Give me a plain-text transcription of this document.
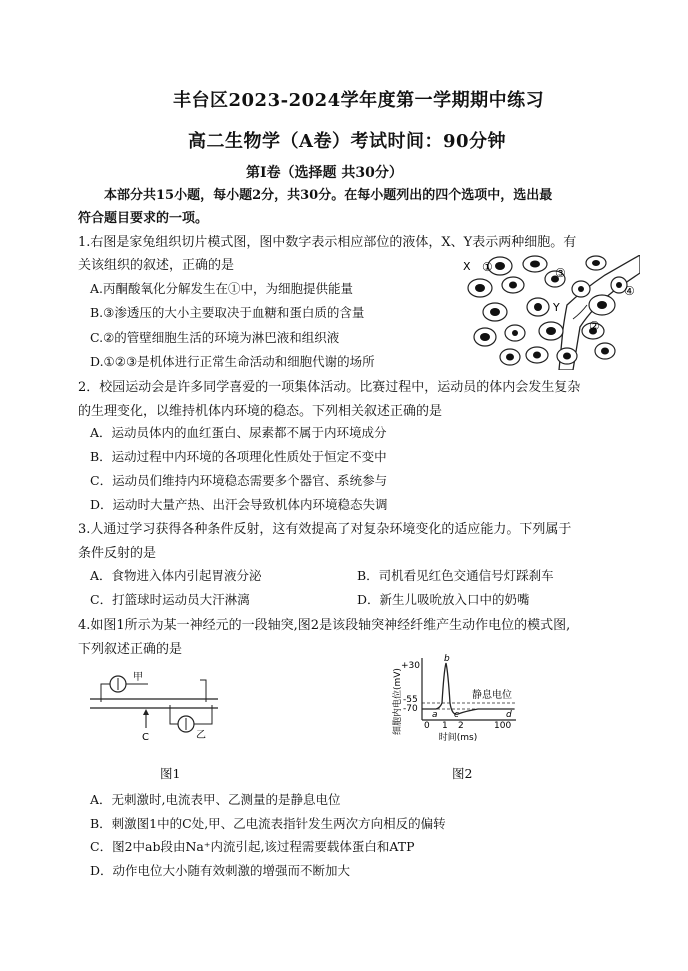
丰台区2023-2024学年度第一学期期中练习
高二生物学（A卷）考试时间：90分钟
第Ⅰ卷（选择题 共30分）
本部分共15小题，每小题2分，共30分。在每小题列出的四个选项中，选出最
符合题目要求的一项。
1.右图是家兔组织切片模式图，图中数字表示相应部位的液体，X、Y表示两种细胞。有
关该组织的叙述，正确的是
A.丙酮酸氧化分解发生在①中，为细胞提供能量
B.③渗透压的大小主要取决于血糖和蛋白质的含量
C.②的管壁细胞生活的环境为淋巴液和组织液
D.①②③是机体进行正常生命活动和细胞代谢的场所
X ①
Y
③
④
②
2．校园运动会是许多同学喜爱的一项集体活动。比赛过程中，运动员的体内会发生复杂
的生理变化，以维持机体内环境的稳态。下列相关叙述正确的是
A．运动员体内的血红蛋白、尿素都不属于内环境成分
B．运动过程中内环境的各项理化性质处于恒定不变中
C．运动员们维持内环境稳态需要多个器官、系统参与
D．运动时大量产热、出汗会导致机体内环境稳态失调
3.人通过学习获得各种条件反射，这有效提高了对复杂环境变化的适应能力。下列属于
条件反射的是
A．食物进入体内引起胃液分泌	B．司机看见红色交通信号灯踩刹车
C．打篮球时运动员大汗淋漓	D．新生儿吸吮放入口中的奶嘴
4.如图1所示为某一神经元的一段轴突,图2是该段轴突神经纤维产生动作电位的模式图,
下列叙述正确的是
甲
乙
C
图1
+30
-55
-70
0 1 2	100
a
b
c	d
静息电位
时间(ms)
细胞内电位(mV)
图2
A．无刺激时,电流表甲、乙测量的是静息电位
B．刺激图1中的C处,甲、乙电流表指针发生两次方向相反的偏转
C．图2中ab段由Na⁺内流引起,该过程需要载体蛋白和ATP
D．动作电位大小随有效刺激的增强而不断加大
